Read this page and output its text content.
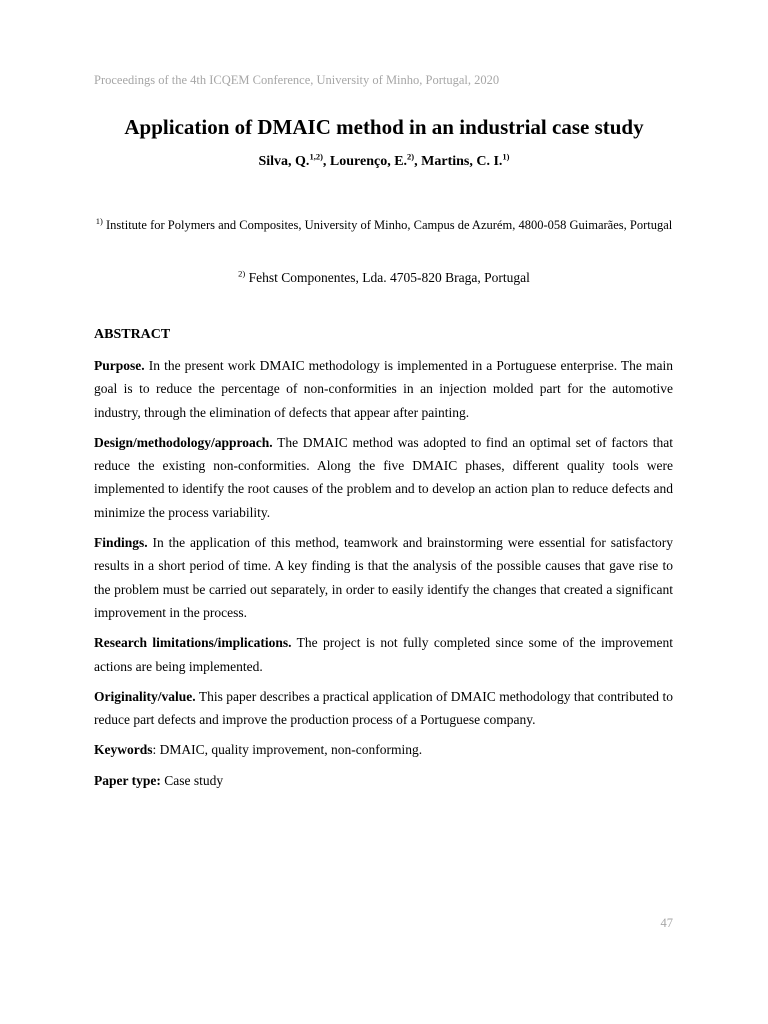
Proceedings of the 4th ICQEM Conference, University of Minho, Portugal, 2020
Application of DMAIC method in an industrial case study
Silva, Q.$^{1,2)}$, Lourenço, E.$^{2)}$, Martins, C. I.$^{1)}$
$^{1)}$ Institute for Polymers and Composites, University of Minho, Campus de Azurém, 4800-058 Guimarães, Portugal
$^{2)}$ Fehst Componentes, Lda. 4705-820 Braga, Portugal
ABSTRACT

Purpose. In the present work DMAIC methodology is implemented in a Portuguese enterprise. The main goal is to reduce the percentage of non-conformities in an injection molded part for the automotive industry, through the elimination of defects that appear after painting.

Design/methodology/approach. The DMAIC method was adopted to find an optimal set of factors that reduce the existing non-conformities. Along the five DMAIC phases, different quality tools were implemented to identify the root causes of the problem and to develop an action plan to reduce defects and minimize the process variability.

Findings. In the application of this method, teamwork and brainstorming were essential for satisfactory results in a short period of time. A key finding is that the analysis of the possible causes that gave rise to the problem must be carried out separately, in order to easily identify the changes that created a significant improvement in the process.

Research limitations/implications. The project is not fully completed since some of the improvement actions are being implemented.

Originality/value. This paper describes a practical application of DMAIC methodology that contributed to reduce part defects and improve the production process of a Portuguese company.

Keywords: DMAIC, quality improvement, non-conforming.

Paper type: Case study

47
